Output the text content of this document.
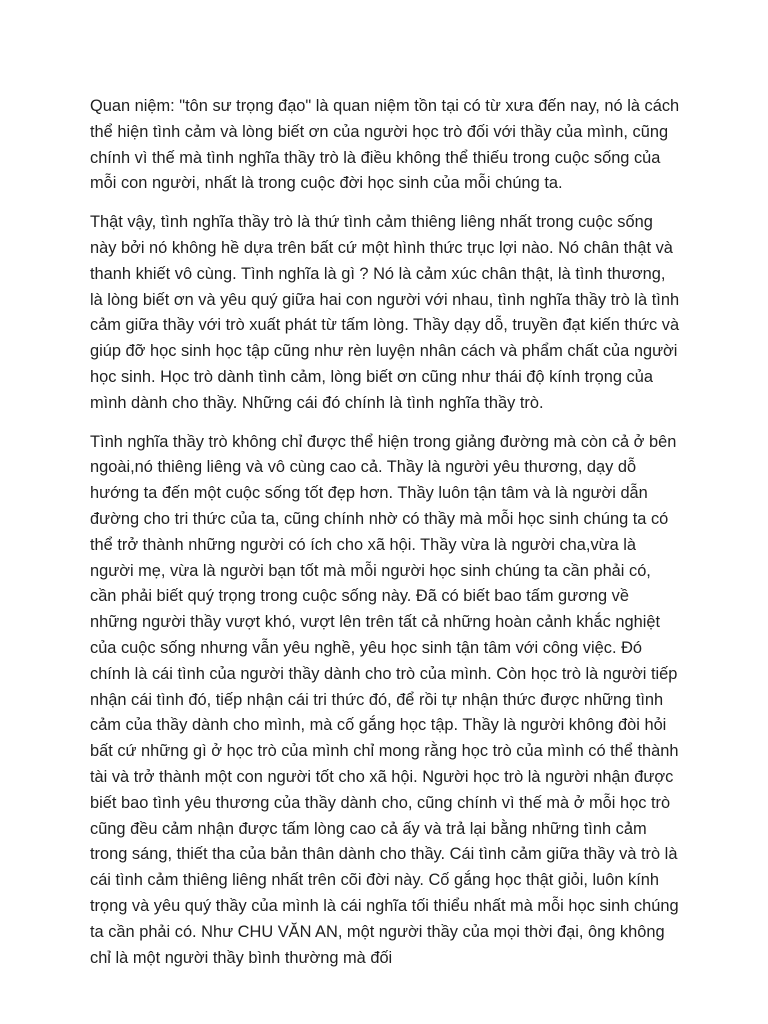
Quan niệm: "tôn sư trọng đạo" là quan niệm tồn tại có từ xưa đến nay, nó là cách thể hiện tình cảm và lòng biết ơn của người học trò đối với thầy của mình, cũng chính vì thế mà tình nghĩa thầy trò là điều không thể thiếu trong cuộc sống của mỗi con người, nhất là trong cuộc đời học sinh của mỗi chúng ta.

Thật vậy, tình nghĩa thầy trò là thứ tình cảm thiêng liêng nhất trong cuộc sống này bởi nó không hề dựa trên bất cứ một hình thức trục lợi nào. Nó chân thật và thanh khiết vô cùng. Tình nghĩa là gì ? Nó là cảm xúc chân thật, là tình thương, là lòng biết ơn và yêu quý giữa hai con người với nhau, tình nghĩa thầy trò là tình cảm giữa thầy với trò xuất phát từ tấm lòng. Thầy dạy dỗ, truyền đạt kiến thức và giúp đỡ học sinh học tập cũng như rèn luyện nhân cách và phẩm chất của người học sinh. Học trò dành tình cảm, lòng biết ơn cũng như thái độ kính trọng của mình dành cho thầy. Những cái đó chính là tình nghĩa thầy trò.

Tình nghĩa thầy trò không chỉ được thể hiện trong giảng đường mà còn cả ở bên ngoài,nó thiêng liêng và vô cùng cao cả. Thầy là người yêu thương, dạy dỗ hướng ta đến một cuộc sống tốt đẹp hơn. Thầy luôn tận tâm và là người dẫn đường cho tri thức của ta, cũng chính nhờ có thầy mà mỗi học sinh chúng ta có thể trở thành những người có ích cho xã hội. Thầy vừa là người cha,vừa là người mẹ, vừa là người bạn tốt mà mỗi người học sinh chúng ta cần phải có, cần phải biết quý trọng trong cuộc sống này. Đã có biết bao tấm gương về những người thầy vượt khó, vượt lên trên tất cả những hoàn cảnh khắc nghiệt của cuộc sống nhưng vẫn yêu nghề, yêu học sinh tận tâm với công việc. Đó chính là cái tình của người thầy dành cho trò của mình. Còn học trò là người tiếp nhận cái tình đó, tiếp nhận cái tri thức đó, để rồi tự nhận thức được những tình cảm của thầy dành cho mình, mà cố gắng học tập. Thầy là người không đòi hỏi bất cứ những gì ở học trò của mình chỉ mong rằng học trò của mình có thể thành tài và trở thành một con người tốt cho xã hội. Người học trò là người nhận được biết bao tình yêu thương của thầy dành cho, cũng chính vì thế mà ở mỗi học trò cũng đều cảm nhận được tấm lòng cao cả ấy và trả lại bằng những tình cảm trong sáng, thiết tha của bản thân dành cho thầy. Cái tình cảm giữa thầy và trò là cái tình cảm thiêng liêng nhất trên cõi đời này. Cố gắng học thật giỏi, luôn kính trọng và yêu quý thầy của mình là cái nghĩa tối thiểu nhất mà mỗi học sinh chúng ta cần phải có. Như CHU VĂN AN, một người thầy của mọi thời đại, ông không chỉ là một người thầy bình thường mà đối
